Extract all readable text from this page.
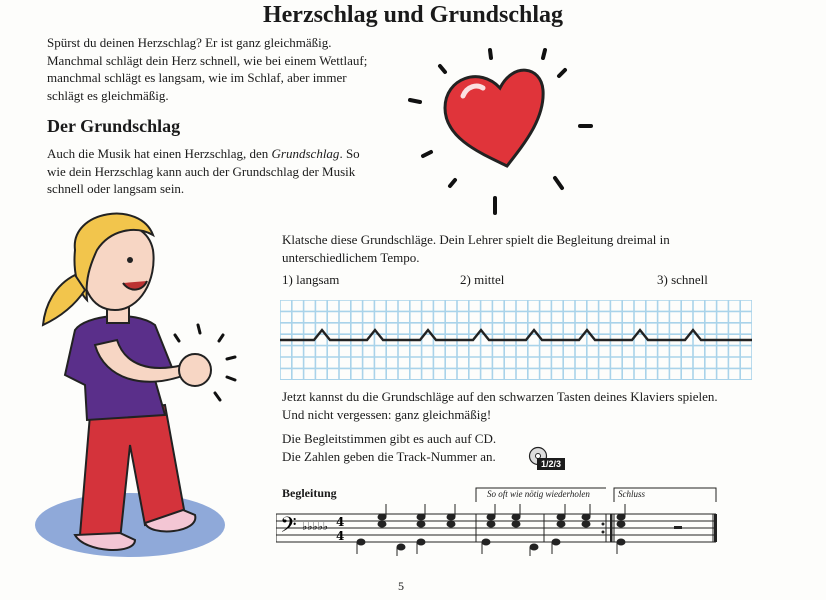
Herzschlag und Grundschlag
Spürst du deinen Herzschlag? Er ist ganz gleichmäßig. Manchmal schlägt dein Herz schnell, wie bei einem Wettlauf; manchmal schlägt es langsam, wie im Schlaf, aber immer schlägt es gleichmäßig.
Der Grundschlag
Auch die Musik hat einen Herzschlag, den Grundschlag. So wie dein Herzschlag kann auch der Grundschlag der Musik schnell oder langsam sein.
Klatsche diese Grundschläge. Dein Lehrer spielt die Begleitung dreimal in unterschiedlichem Tempo.
1) langsam	2) mittel	3) schnell
Jetzt kannst du die Grundschläge auf den schwarzen Tasten deines Klaviers spielen. Und nicht vergessen: ganz gleichmäßig!
Die Begleitstimmen gibt es auch auf CD.
Die Zahlen geben die Track-Nummer an.
1/2/3
Begleitung	So oft wie nötig wiederholen	Schluss
𝄢 ♭♭♭♭♭ 4
4
5
